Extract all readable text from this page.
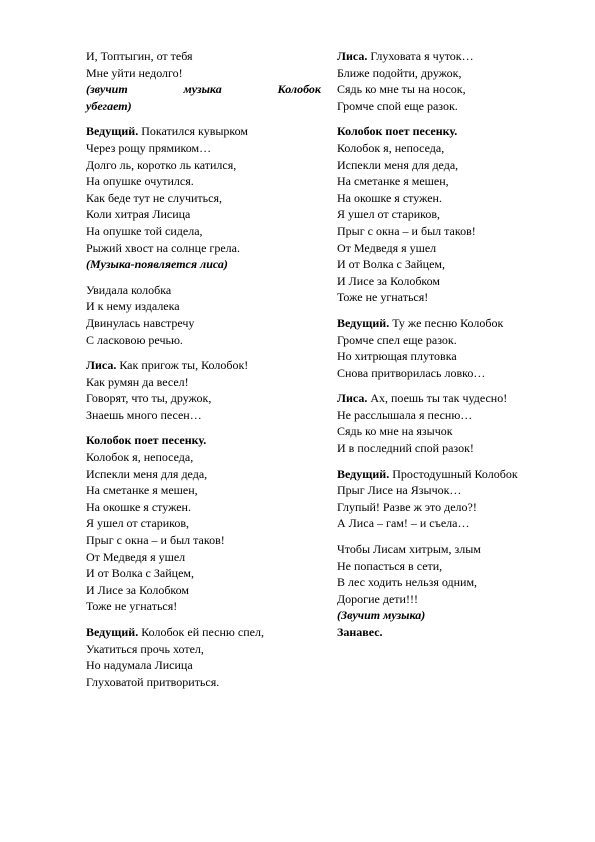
И, Топтыгин, от тебя
Мне уйти недолго!
(звучит	музыка	Колобок
убегает)
Ведущий. Покатился кувырком
Через рощу прямиком…
Долго ль, коротко ль катился,
На опушке очутился.
Как беде тут не случиться,
Коли хитрая Лисица
На опушке той сидела,
Рыжий хвост на солнце грела.
(Музыка-появляется лиса)
Увидала колобка
И к нему издалека
Двинулась навстречу
С ласковою речью.
Лиса. Как пригож ты, Колобок!
Как румян да весел!
Говорят, что ты, дружок,
Знаешь много песен…
Колобок поет песенку.
Колобок я, непоседа,
Испекли меня для деда,
На сметанке я мешен,
На окошке я стужен.
Я ушел от стариков,
Прыг с окна – и был таков!
От Медведя я ушел
И от Волка с Зайцем,
И Лисе за Колобком
Тоже не угнаться!
Ведущий. Колобок ей песню спел,
Укатиться прочь хотел,
Но надумала Лисица
Глуховатой притвориться.
Лиса. Глуховата я чуток…
Ближе подойти, дружок,
Сядь ко мне ты на носок,
Громче спой еще разок.
Колобок поет песенку.
Колобок я, непоседа,
Испекли меня для деда,
На сметанке я мешен,
На окошке я стужен.
Я ушел от стариков,
Прыг с окна – и был таков!
От Медведя я ушел
И от Волка с Зайцем,
И Лисе за Колобком
Тоже не угнаться!
Ведущий. Ту же песню Колобок
Громче спел еще разок.
Но хитрющая плутовка
Снова притворилась ловко…
Лиса. Ах, поешь ты так чудесно!
Не расслышала я песню…
Сядь ко мне на язычок
И в последний спой разок!
Ведущий. Простодушный Колобок
Прыг Лисе на Язычок…
Глупый! Разве ж это дело?!
А Лиса – гам! – и съела…
Чтобы Лисам хитрым, злым
Не попасться в сети,
В лес ходить нельзя одним,
Дорогие дети!!!
(Звучит музыка)
Занавес.
